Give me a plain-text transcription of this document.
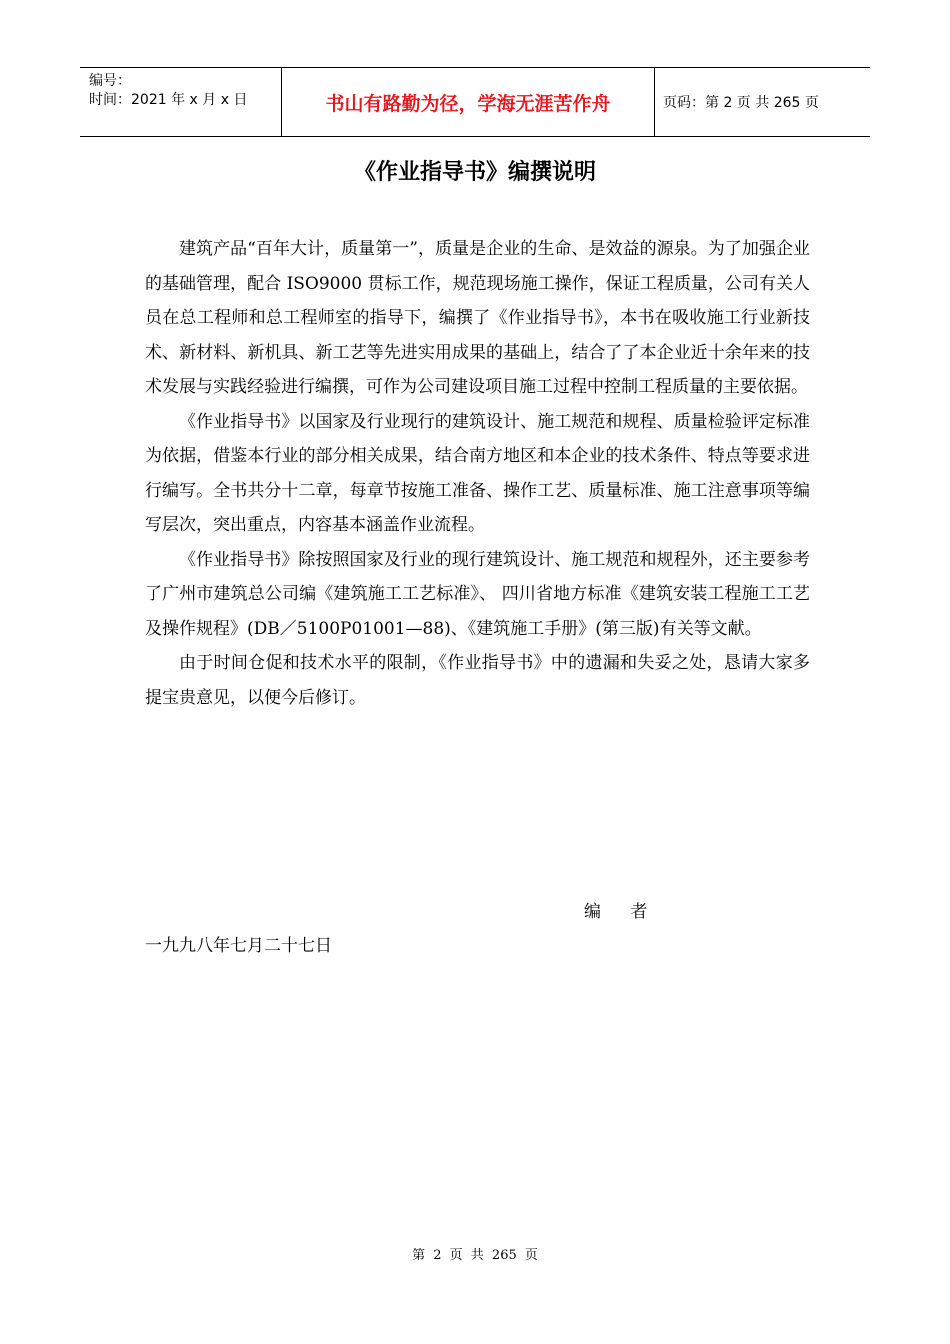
编号：
时间：2021 年 x 月 x 日	书山有路勤为径，学海无涯苦作舟	页码：第 2 页 共 265 页
《作业指导书》编撰说明

建筑产品“百年大计，质量第一”，质量是企业的生命、是效益的源泉。为了加强企业的基础管理，配合 ISO9000 贯标工作，规范现场施工操作，保证工程质量，公司有关人员在总工程师和总工程师室的指导下，编撰了《作业指导书》，本书在吸收施工行业新技术、新材料、新机具、新工艺等先进实用成果的基础上，结合了了本企业近十余年来的技术发展与实践经验进行编撰，可作为公司建设项目施工过程中控制工程质量的主要依据。

《作业指导书》以国家及行业现行的建筑设计、施工规范和规程、质量检验评定标准为依据，借鉴本行业的部分相关成果，结合南方地区和本企业的技术条件、特点等要求进行编写。全书共分十二章，每章节按施工准备、操作工艺、质量标准、施工注意事项等编写层次，突出重点，内容基本涵盖作业流程。

《作业指导书》除按照国家及行业的现行建筑设计、施工规范和规程外，还主要参考了广州市建筑总公司编《建筑施工工艺标准》、 四川省地方标准《建筑安装工程施工工艺及操作规程》(DB／5100P01001—88)、《建筑施工手册》(第三版)有关等文献。

由于时间仓促和技术水平的限制，《作业指导书》中的遗漏和失妥之处，恳请大家多提宝贵意见，以便今后修订。

编 者
一九九八年七月二十七日
第 2 页 共 265 页
